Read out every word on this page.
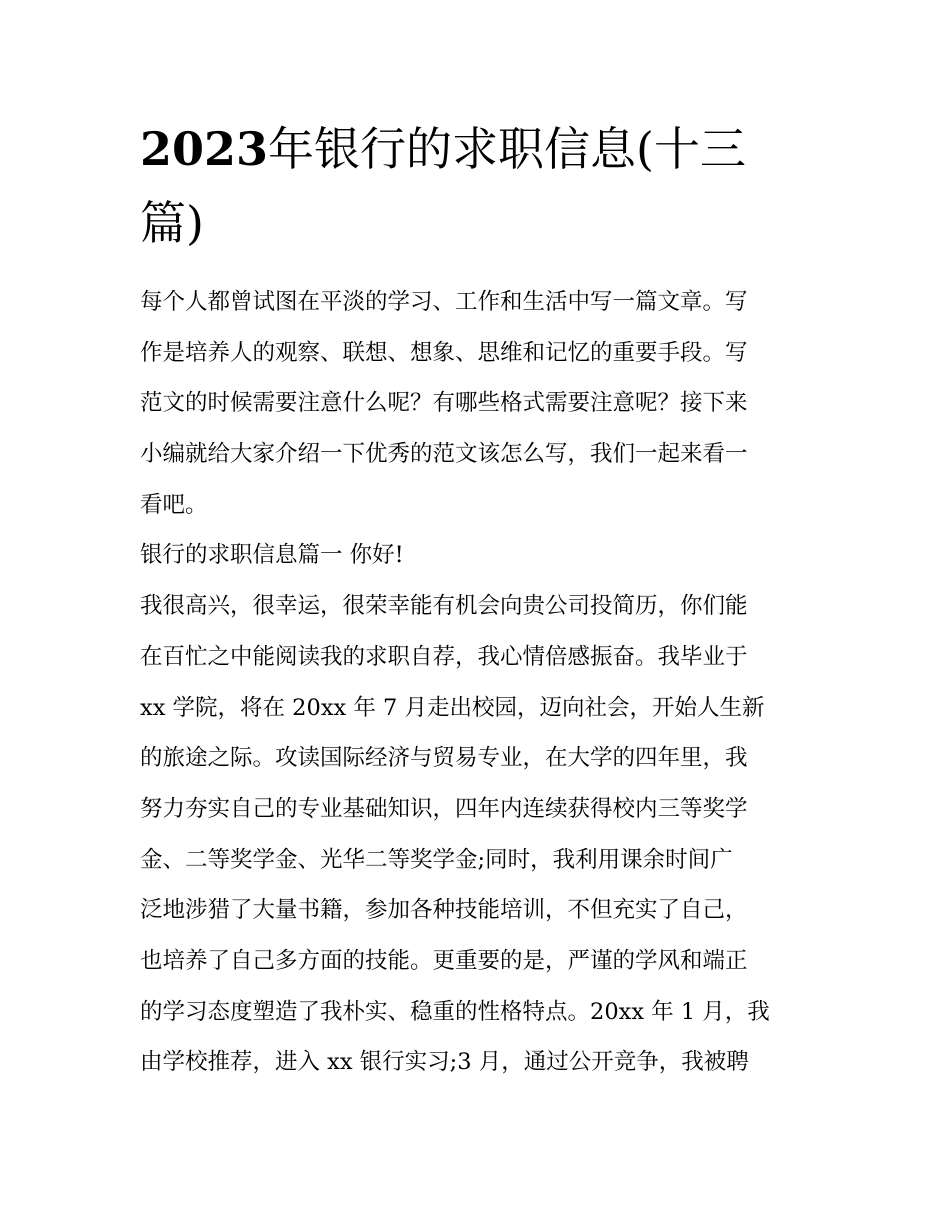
2023年银行的求职信息(十三
篇)
每个人都曾试图在平淡的学习、工作和生活中写一篇文章。写
作是培养人的观察、联想、想象、思维和记忆的重要手段。写
范文的时候需要注意什么呢？有哪些格式需要注意呢？接下来
小编就给大家介绍一下优秀的范文该怎么写，我们一起来看一
看吧。
银行的求职信息篇一 你好!
我很高兴，很幸运，很荣幸能有机会向贵公司投简历，你们能
在百忙之中能阅读我的求职自荐，我心情倍感振奋。我毕业于
xx 学院，将在 20xx 年 7 月走出校园，迈向社会，开始人生新
的旅途之际。攻读国际经济与贸易专业，在大学的四年里，我
努力夯实自己的专业基础知识，四年内连续获得校内三等奖学
金、二等奖学金、光华二等奖学金;同时，我利用课余时间广
泛地涉猎了大量书籍，参加各种技能培训，不但充实了自己，
也培养了自己多方面的技能。更重要的是，严谨的学风和端正
的学习态度塑造了我朴实、稳重的性格特点。20xx 年 1 月，我
由学校推荐，进入 xx 银行实习;3 月，通过公开竞争，我被聘
